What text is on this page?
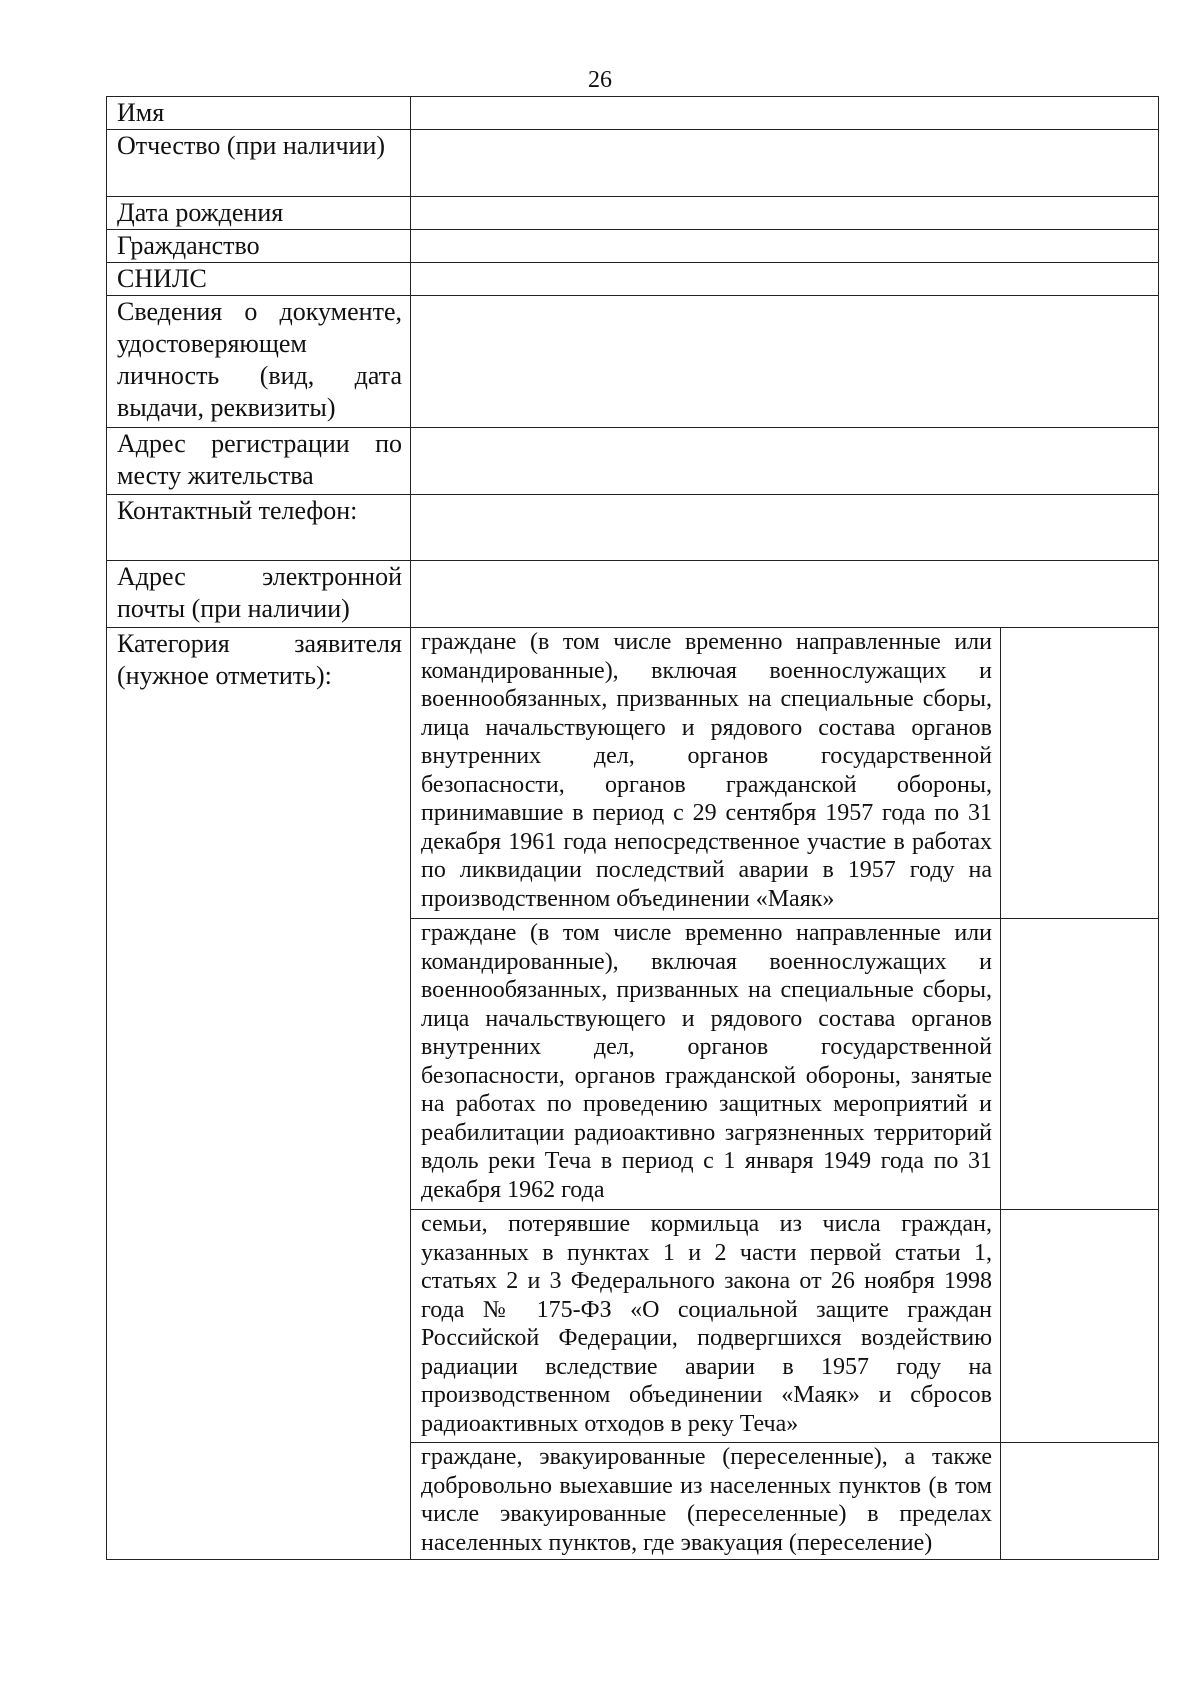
26
Имя		
Отчество (при наличии)		
Дата рождения		
Гражданство		
СНИЛС		
Сведения о документе, удостоверяющем личность (вид, дата выдачи, реквизиты)		
Адрес регистрации по месту жительства		
Контактный телефон:		
Адрес электронной почты (при наличии)		
Категория заявителя (нужное отметить):	граждане (в том числе временно направленные или командированные), включая военнослужащих и военнообязанных, призванных на специальные сборы, лица начальствующего и рядового состава органов внутренних дел, органов государственной безопасности, органов гражданской обороны, принимавшие в период с 29 сентября 1957 года по 31 декабря 1961 года непосредственное участие в работах по ликвидации последствий аварии в 1957 году на производственном объединении «Маяк»	
	граждане (в том числе временно направленные или командированные), включая военнослужащих и военнообязанных, призванных на специальные сборы, лица начальствующего и рядового состава органов внутренних дел, органов государственной безопасности, органов гражданской обороны, занятые на работах по проведению защитных мероприятий и реабилитации радиоактивно загрязненных территорий вдоль реки Теча в период с 1 января 1949 года по 31 декабря 1962 года	
	семьи, потерявшие кормильца из числа граждан, указанных в пунктах 1 и 2 части первой статьи 1, статьях 2 и 3 Федерального закона от 26 ноября 1998 года № 175-ФЗ «О социальной защите граждан Российской Федерации, подвергшихся воздействию радиации вследствие аварии в 1957 году на производственном объединении «Маяк» и сбросов радиоактивных отходов в реку Теча»	
	граждане, эвакуированные (переселенные), а также добровольно выехавшие из населенных пунктов (в том числе эвакуированные (переселенные) в пределах населенных пунктов, где эвакуация (переселение)	
